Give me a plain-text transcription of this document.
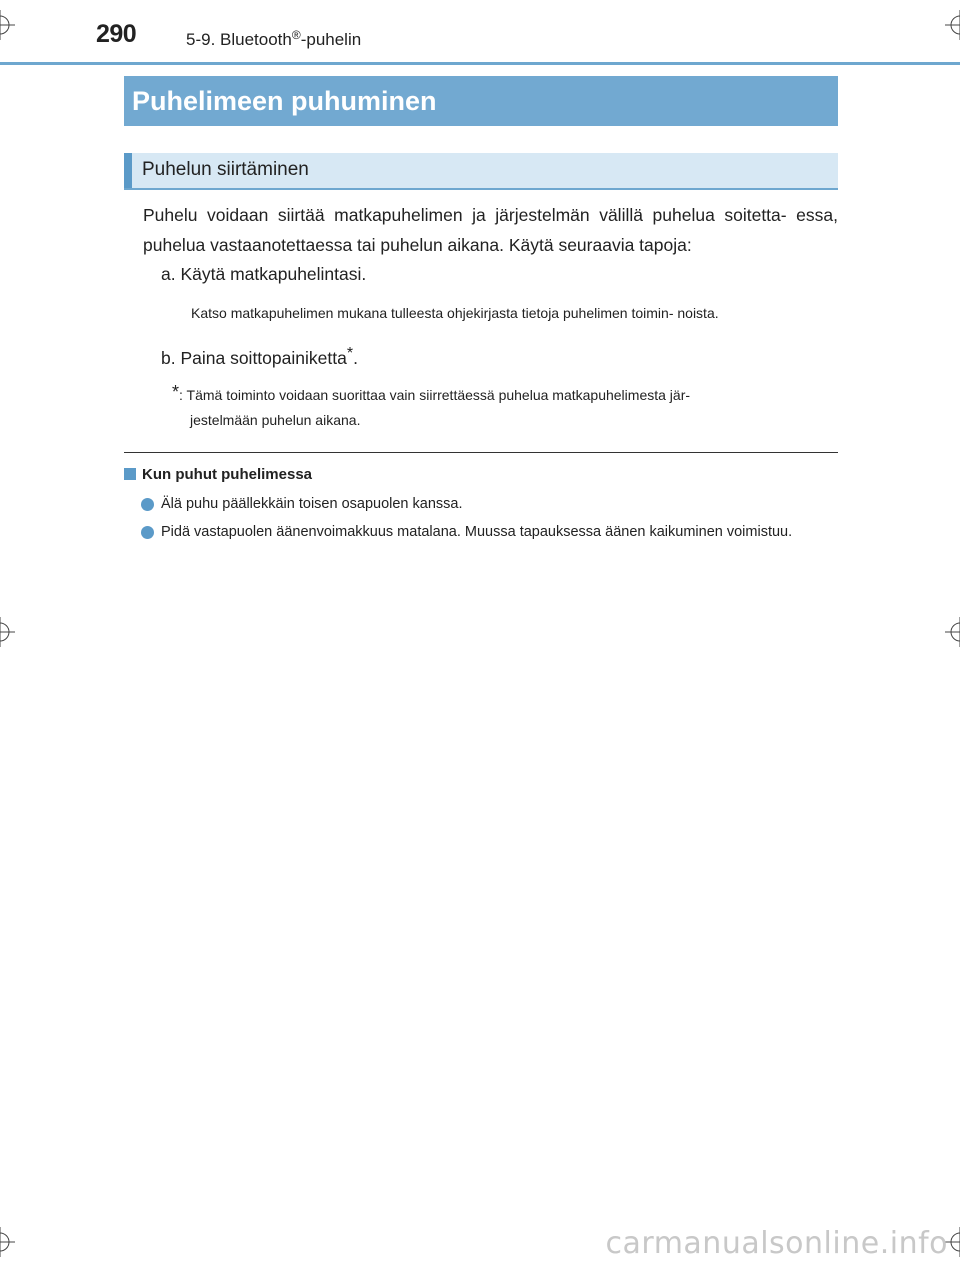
290	5-9. Bluetooth®-puhelin
Puhelimeen puhuminen
Puhelun siirtäminen
Puhelu voidaan siirtää matkapuhelimen ja järjestelmän välillä puhelua soitetta- essa, puhelua vastaanotettaessa tai puhelun aikana. Käytä seuraavia tapoja:
a. Käytä matkapuhelintasi.
Katso matkapuhelimen mukana tulleesta ohjekirjasta tietoja puhelimen toimin- noista.
b. Paina soittopainiketta*.
*: Tämä toiminto voidaan suorittaa vain siirrettäessä puhelua matkapuhelimesta jär-
jestelmään puhelun aikana.
Kun puhut puhelimessa
Älä puhu päällekkäin toisen osapuolen kanssa.
Pidä vastapuolen äänenvoimakkuus matalana. Muussa tapauksessa äänen kaikuminen voimistuu.
carmanualsonline.info
